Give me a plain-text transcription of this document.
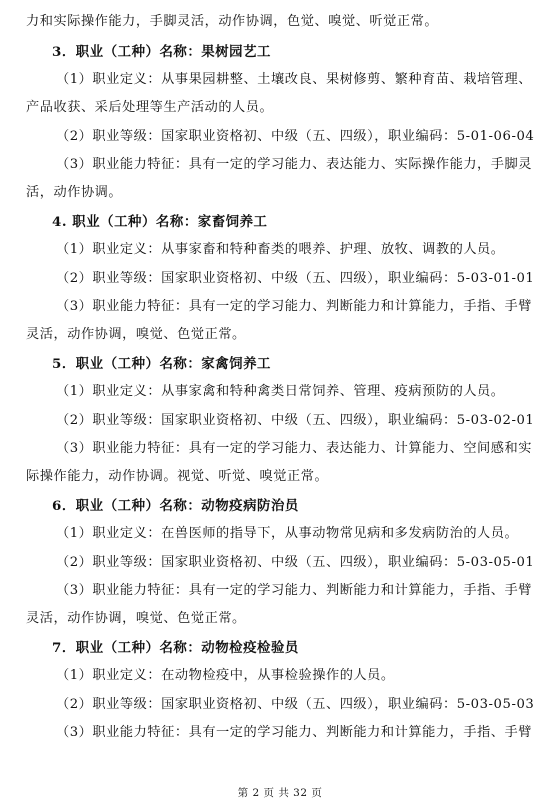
力和实际操作能力，手脚灵活，动作协调，色觉、嗅觉、听觉正常。
3．职业（工种）名称：果树园艺工
（1）职业定义：从事果园耕整、土壤改良、果树修剪、繁种育苗、栽培管理、
产品收获、采后处理等生产活动的人员。
（2）职业等级：国家职业资格初、中级（五、四级），职业编码：5-01-06-04
（3）职业能力特征：具有一定的学习能力、表达能力、实际操作能力，手脚灵
活，动作协调。
4. 职业（工种）名称：家畜饲养工
（1）职业定义：从事家畜和特种畜类的喂养、护理、放牧、调教的人员。
（2）职业等级：国家职业资格初、中级（五、四级），职业编码：5-03-01-01
（3）职业能力特征：具有一定的学习能力、判断能力和计算能力，手指、手臂
灵活，动作协调，嗅觉、色觉正常。
5．职业（工种）名称：家禽饲养工
（1）职业定义：从事家禽和特种禽类日常饲养、管理、疫病预防的人员。
（2）职业等级：国家职业资格初、中级（五、四级），职业编码：5-03-02-01
（3）职业能力特征：具有一定的学习能力、表达能力、计算能力、空间感和实
际操作能力，动作协调。视觉、听觉、嗅觉正常。
6．职业（工种）名称：动物疫病防治员
（1）职业定义：在兽医师的指导下，从事动物常见病和多发病防治的人员。
（2）职业等级：国家职业资格初、中级（五、四级），职业编码：5-03-05-01
（3）职业能力特征：具有一定的学习能力、判断能力和计算能力，手指、手臂
灵活，动作协调，嗅觉、色觉正常。
7．职业（工种）名称：动物检疫检验员
（1）职业定义：在动物检疫中，从事检验操作的人员。
（2）职业等级：国家职业资格初、中级（五、四级），职业编码：5-03-05-03
（3）职业能力特征：具有一定的学习能力、判断能力和计算能力，手指、手臂
第 2 页 共 32 页
